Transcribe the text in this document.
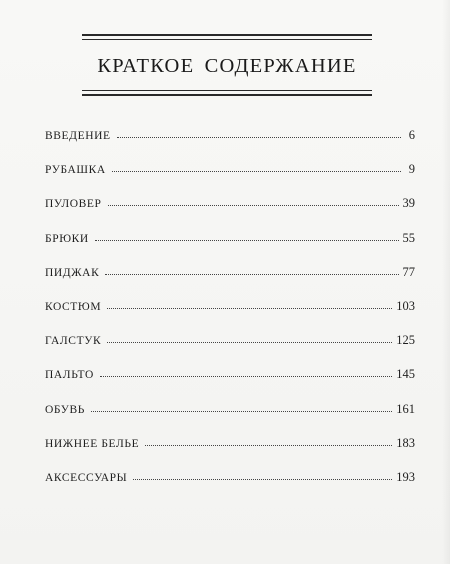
КРАТКОЕ СОДЕРЖАНИЕ
ВВЕДЕНИЕ	6
РУБАШКА	9
ПУЛОВЕР	39
БРЮКИ	55
ПИДЖАК	77
КОСТЮМ	103
ГАЛСТУК	125
ПАЛЬТО	145
ОБУВЬ	161
НИЖНЕЕ БЕЛЬЕ	183
АКСЕССУАРЫ	193
